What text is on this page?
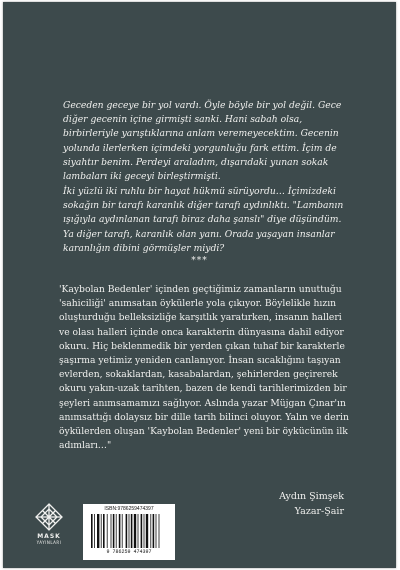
Geceden geceye bir yol vardı. Öyle böyle bir yol değil. Gece diğer gecenin içine girmişti sanki. Hani sabah olsa, birbirleriyle yarıştıklarına anlam veremeyecektim. Gecenin yolunda ilerlerken içimdeki yorgunluğu fark ettim. İçim de siyahtır benim. Perdeyi araladım, dışarıdaki yunan sokak lambaları iki geceyi birleştirmişti.

İki yüzlü iki ruhlu bir hayat hükmü sürüyordu… İçimizdeki sokağın bir tarafı karanlık diğer tarafı aydınlıktı. "Lambanın ışığıyla aydınlanan tarafı biraz daha şanslı" diye düşündüm. Ya diğer tarafı, karanlık olan yanı. Orada yaşayan insanlar karanlığın dibini görmüşler miydi?

***

'Kaybolan Bedenler' içinden geçtiğimiz zamanların unuttuğu 'sahiciliği' anımsatan öykülerle yola çıkıyor. Böylelikle hızın oluşturduğu belleksizliğe karşıtlık yaratırken, insanın halleri ve olası halleri içinde onca karakterin dünyasına dahil ediyor okuru. Hiç beklenmedik bir yerden çıkan tuhaf bir karakterle şaşırma yetimiz yeniden canlanıyor. İnsan sıcaklığını taşıyan evlerden, sokaklardan, kasabalardan, şehirlerden geçirerek okuru yakın-uzak tarihten, bazen de kendi tarihlerimizden bir şeyleri anımsamamızı sağlıyor. Aslında yazar Müjgan Çınar'ın anımsattığı dolaysız bir dille tarih bilinci oluyor. Yalın ve derin öykülerden oluşan 'Kaybolan Bedenler' yeni bir öykücünün ilk adımları…"

Aydın Şimşek
Yazar-Şair
MASK
YAYINLARI
ISBN:9786259474397
9 786259 474397
